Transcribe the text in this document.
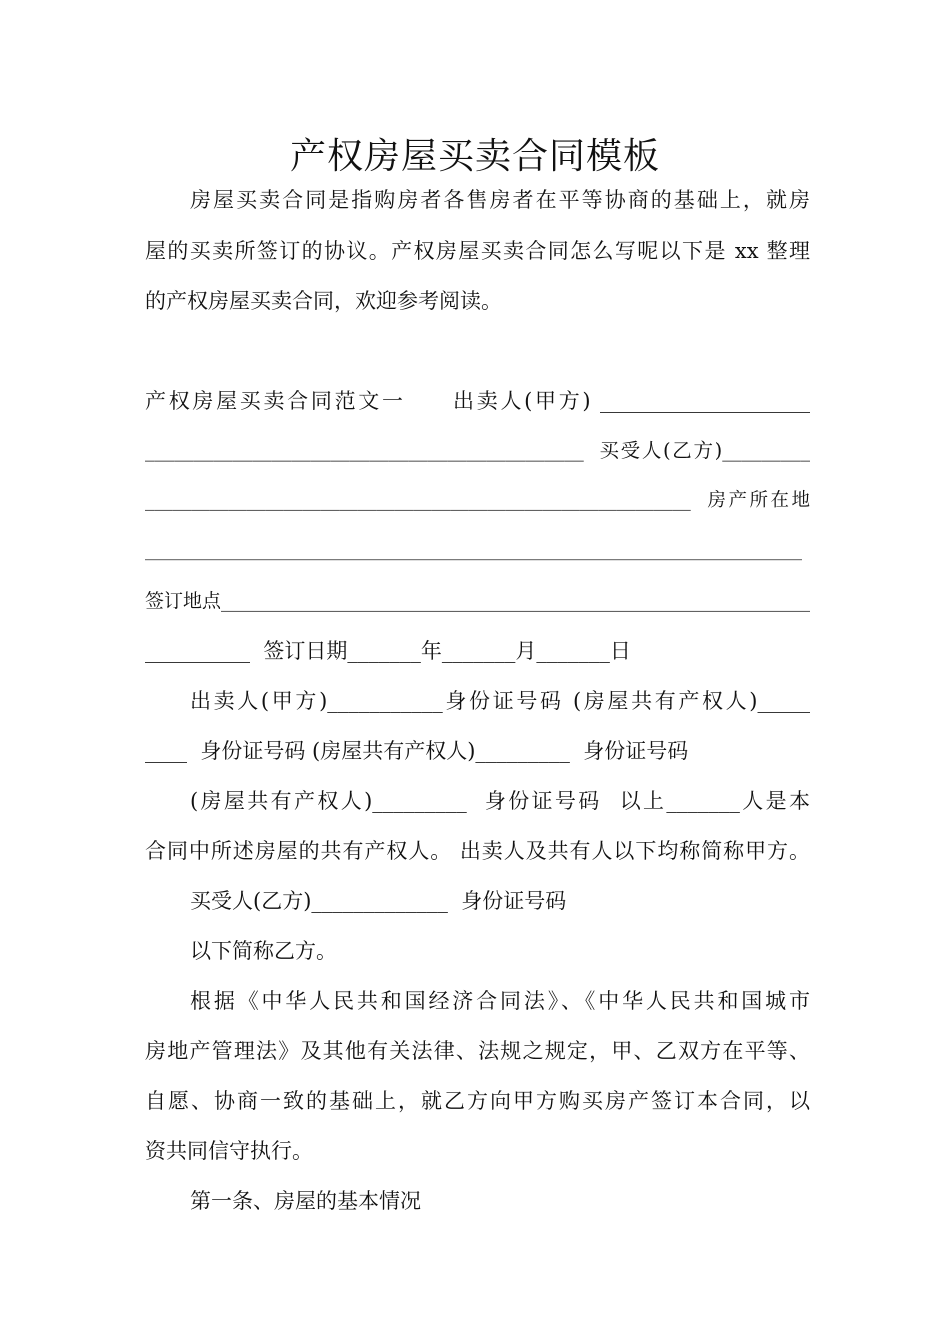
产权房屋买卖合同模板
房屋买卖合同是指购房者各售房者在平等协商的基础上，就房
屋的买卖所签订的协议。产权房屋买卖合同怎么写呢以下是 xx 整理
的产权房屋买卖合同，欢迎参考阅读。
产权房屋买卖合同范文一　　出卖人(甲方) ____________________
_____________________________________________  买受人(乙方)_________
___________________________________________________________  房产所在地
_________________________________________________________________________
签订地点______________________________________________________________
__________  签订日期_______年_______月_______日
出卖人(甲方)___________身份证号码 (房屋共有产权人)_____
____  身份证号码 (房屋共有产权人)_________  身份证号码
(房屋共有产权人)_________  身份证号码  以上_______人是本
合同中所述房屋的共有产权人。 出卖人及共有人以下均称简称甲方。
买受人(乙方)_____________  身份证号码
以下简称乙方。
根据《中华人民共和国经济合同法》、《中华人民共和国城市
房地产管理法》及其他有关法律、法规之规定，甲、乙双方在平等、
自愿、协商一致的基础上，就乙方向甲方购买房产签订本合同，以
资共同信守执行。
第一条、房屋的基本情况
